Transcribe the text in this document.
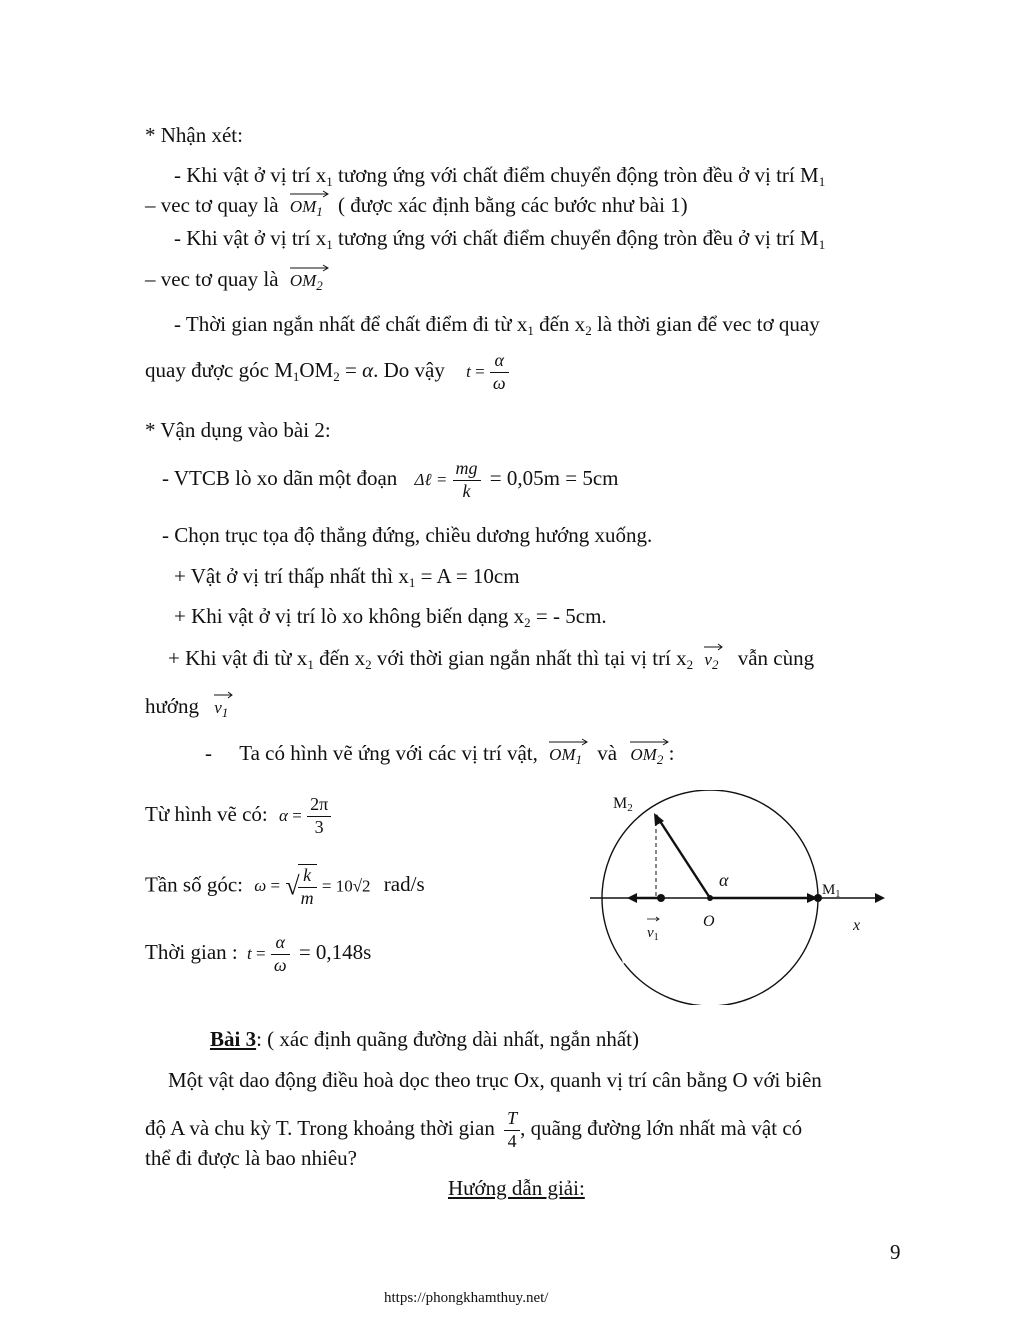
* Nhận xét:
- Khi vật ở vị trí $x_1$ tương ứng với chất điểm chuyển động tròn đều ở vị trí $M_1$
– vec tơ quay là $OM_1$ ( được xác định bằng các bước như bài 1)
- Khi vật ở vị trí $x_1$ tương ứng với chất điểm chuyển động tròn đều ở vị trí $M_1$
– vec tơ quay là $OM_2$
- Thời gian ngắn nhất để chất điểm đi từ $x_1$ đến $x_2$ là thời gian để vec tơ quay
quay được góc $M_1OM_2 = \alpha$. Do vậy $t = \frac{\alpha}{\omega}$
* Vận dụng vào bài 2:
- VTCB lò xo dãn một đoạn Δℓ = $\frac{mg}{k} = 0,05m = 5cm$
- Chọn trục tọa độ thẳng đứng, chiều dương hướng xuống.
+ Vật ở vị trí thấp nhất thì $x_1 = A = 10cm$
+ Khi vật ở vị trí lò xo không biến dạng $x_2$ = - 5cm.
+ Khi vật đi từ $x_1$ đến $x_2$ với thời gian ngắn nhất thì tại vị trí $x_2$ $v_2$ vẫn cùng
hướng $v_1$
- Ta có hình vẽ ứng với các vị trí vật, $OM_1$ và $OM_2$ :
Từ hình vẽ có: $\alpha = \frac{2\pi}{3}$
Tần số góc: ω = √
$\frac{k}{m} = 10√2$ rad/s
Thời gian : $t = \frac{\alpha}{\omega} = 0,148s$
M2
$M_1$
α
O	x
$v_1$
Bài 3: ( xác định quãng đường dài nhất, ngắn nhất)
Một vật dao động điều hoà dọc theo trục Ox, quanh vị trí cân bằng O với biên
độ A và chu kỳ T. Trong khoảng thời gian $\frac{T}{4}$ , quãng đường lớn nhất mà vật có
thể đi được là bao nhiêu?
Hướng dẫn giải:
9
https://phongkhamthuy.net/
